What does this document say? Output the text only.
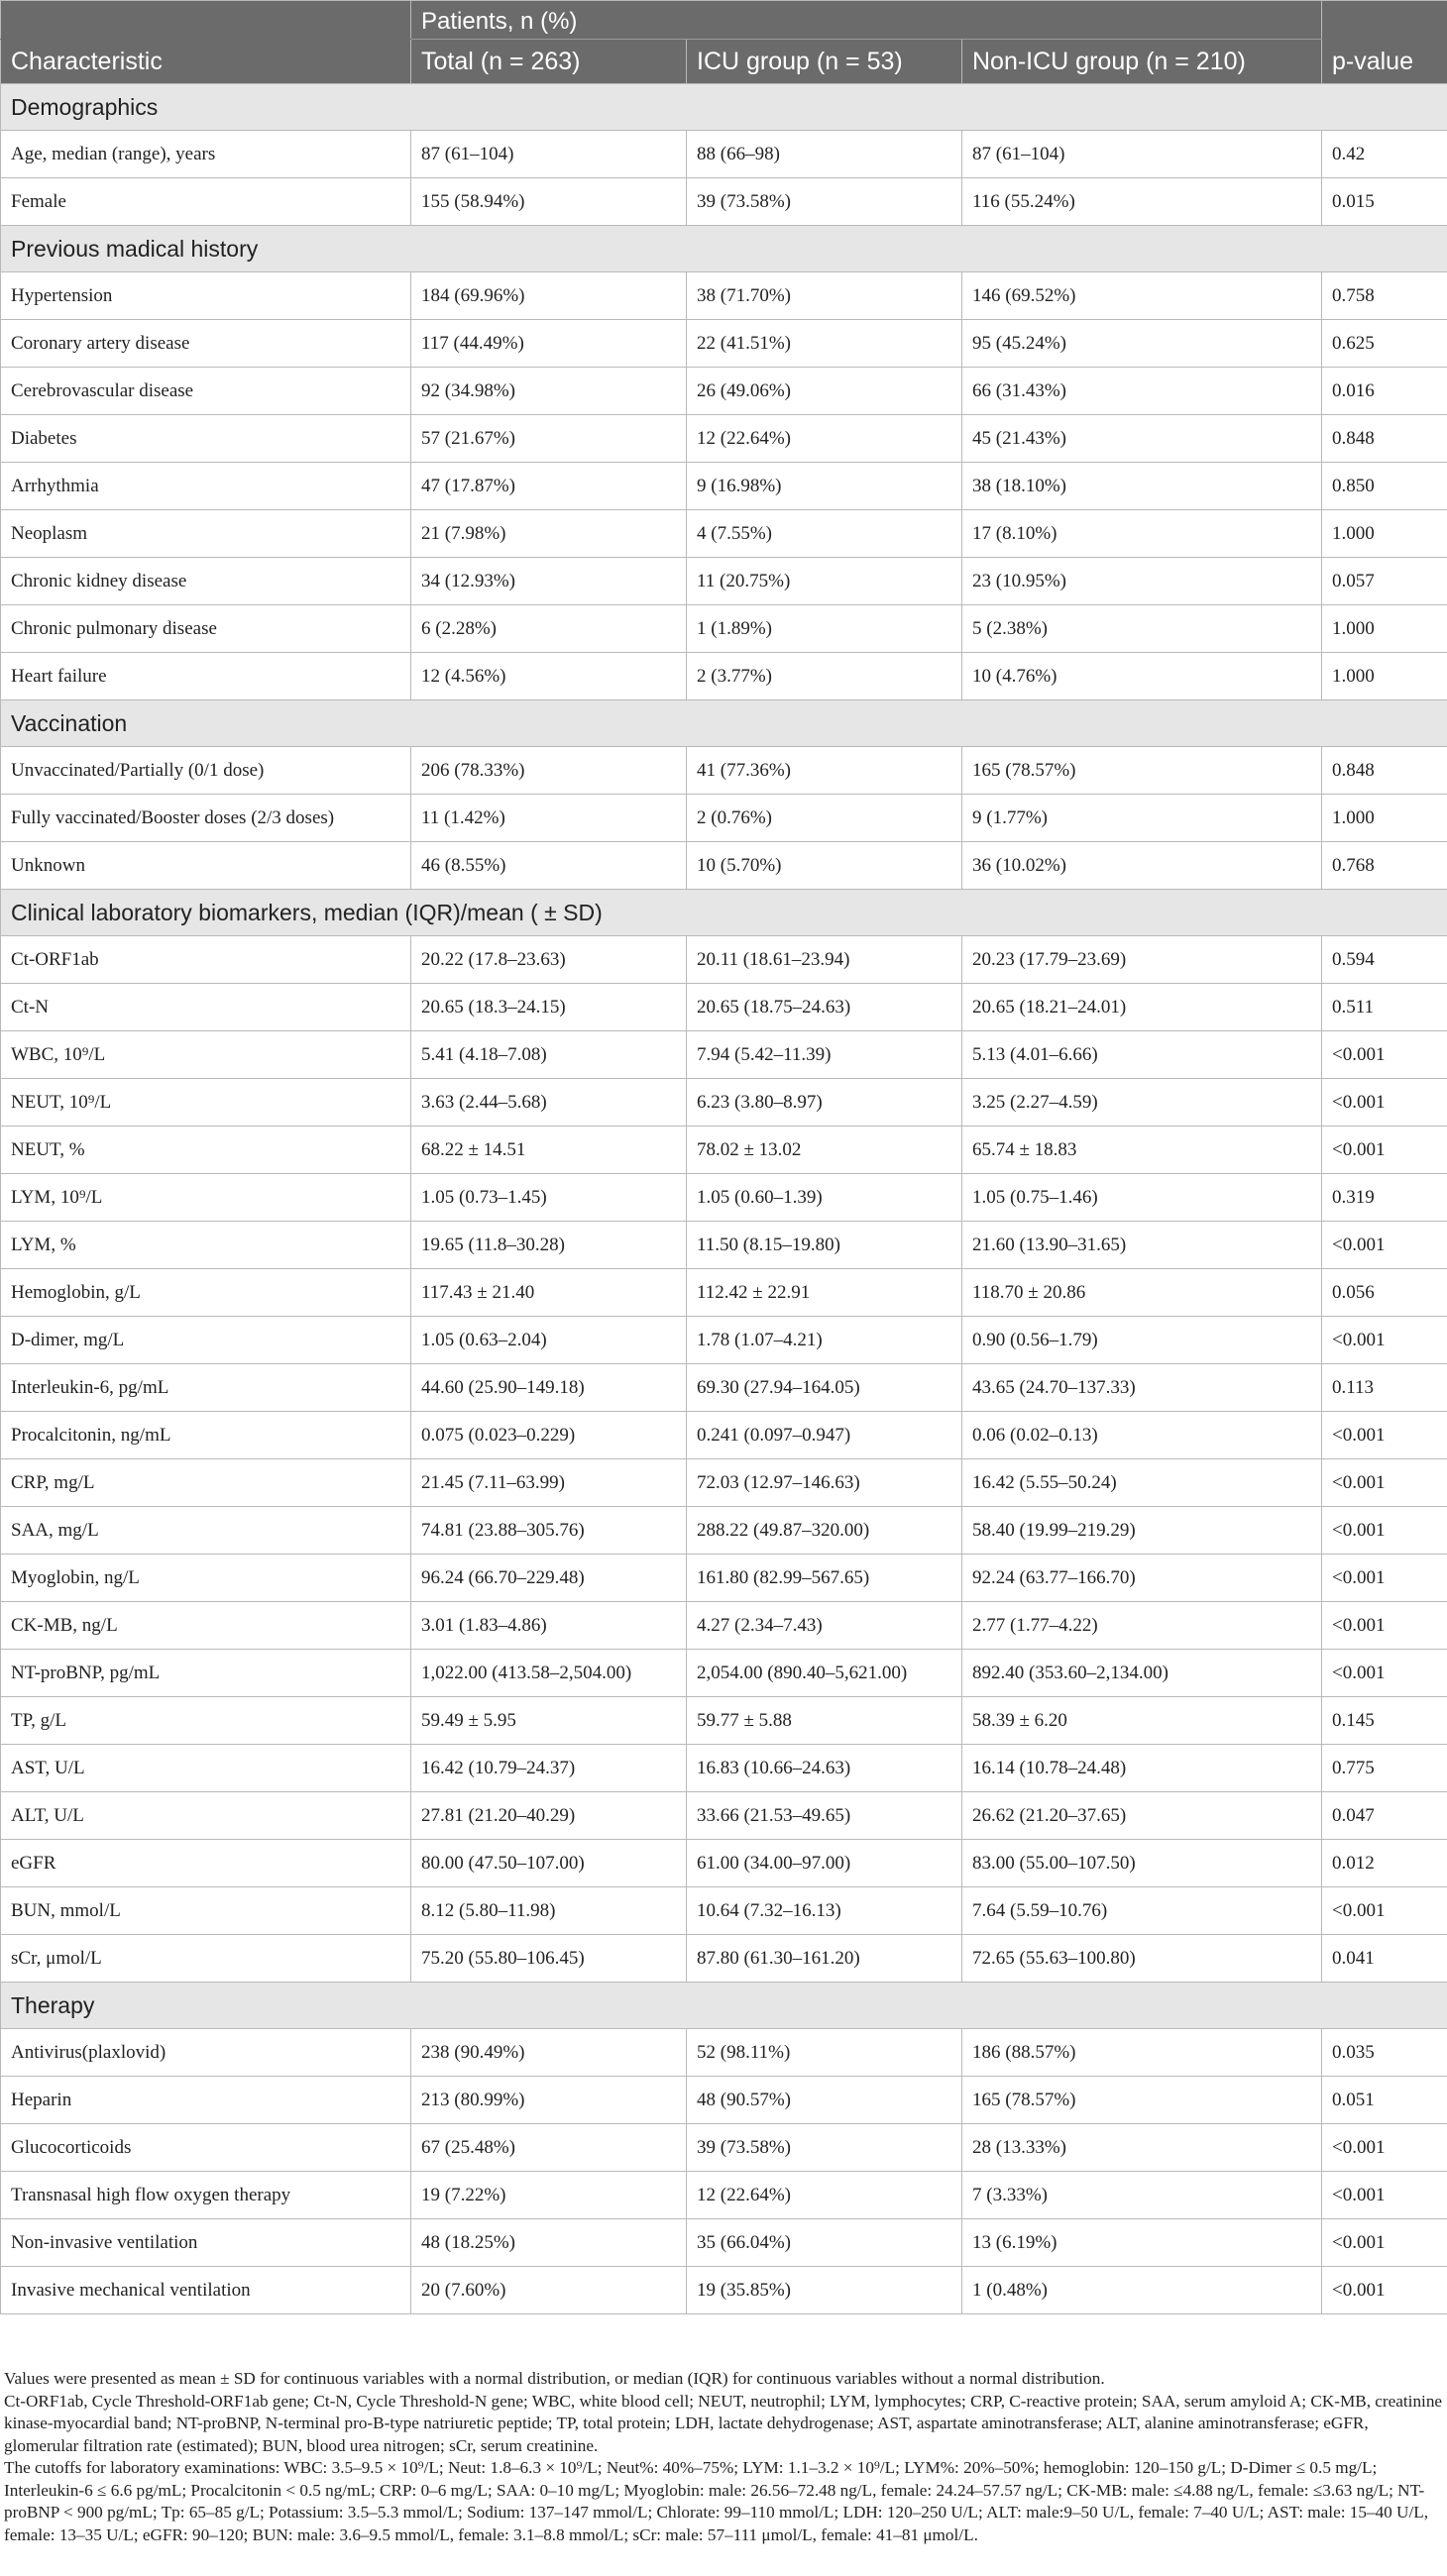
	Patients, n (%)			
Characteristic	Total (n = 263)	ICU group (n = 53)	Non-ICU group (n = 210)	p-value
Demographics				
Age, median (range), years	87 (61–104)	88 (66–98)	87 (61–104)	0.42
Female	155 (58.94%)	39 (73.58%)	116 (55.24%)	0.015
Previous madical history				
Hypertension	184 (69.96%)	38 (71.70%)	146 (69.52%)	0.758
Coronary artery disease	117 (44.49%)	22 (41.51%)	95 (45.24%)	0.625
Cerebrovascular disease	92 (34.98%)	26 (49.06%)	66 (31.43%)	0.016
Diabetes	57 (21.67%)	12 (22.64%)	45 (21.43%)	0.848
Arrhythmia	47 (17.87%)	9 (16.98%)	38 (18.10%)	0.850
Neoplasm	21 (7.98%)	4 (7.55%)	17 (8.10%)	1.000
Chronic kidney disease	34 (12.93%)	11 (20.75%)	23 (10.95%)	0.057
Chronic pulmonary disease	6 (2.28%)	1 (1.89%)	5 (2.38%)	1.000
Heart failure	12 (4.56%)	2 (3.77%)	10 (4.76%)	1.000
Vaccination				
Unvaccinated/Partially (0/1 dose)	206 (78.33%)	41 (77.36%)	165 (78.57%)	0.848
Fully vaccinated/Booster doses (2/3 doses)	11 (1.42%)	2 (0.76%)	9 (1.77%)	1.000
Unknown	46 (8.55%)	10 (5.70%)	36 (10.02%)	0.768
Clinical laboratory biomarkers, median (IQR)/mean ( ± SD)				
Ct-ORF1ab	20.22 (17.8–23.63)	20.11 (18.61–23.94)	20.23 (17.79–23.69)	0.594
Ct-N	20.65 (18.3–24.15)	20.65 (18.75–24.63)	20.65 (18.21–24.01)	0.511
WBC, 10⁹/L	5.41 (4.18–7.08)	7.94 (5.42–11.39)	5.13 (4.01–6.66)	<0.001
NEUT, 10⁹/L	3.63 (2.44–5.68)	6.23 (3.80–8.97)	3.25 (2.27–4.59)	<0.001
NEUT, %	68.22 ± 14.51	78.02 ± 13.02	65.74 ± 18.83	<0.001
LYM, 10⁹/L	1.05 (0.73–1.45)	1.05 (0.60–1.39)	1.05 (0.75–1.46)	0.319
LYM, %	19.65 (11.8–30.28)	11.50 (8.15–19.80)	21.60 (13.90–31.65)	<0.001
Hemoglobin, g/L	117.43 ± 21.40	112.42 ± 22.91	118.70 ± 20.86	0.056
D-dimer, mg/L	1.05 (0.63–2.04)	1.78 (1.07–4.21)	0.90 (0.56–1.79)	<0.001
Interleukin-6, pg/mL	44.60 (25.90–149.18)	69.30 (27.94–164.05)	43.65 (24.70–137.33)	0.113
Procalcitonin, ng/mL	0.075 (0.023–0.229)	0.241 (0.097–0.947)	0.06 (0.02–0.13)	<0.001
CRP, mg/L	21.45 (7.11–63.99)	72.03 (12.97–146.63)	16.42 (5.55–50.24)	<0.001
SAA, mg/L	74.81 (23.88–305.76)	288.22 (49.87–320.00)	58.40 (19.99–219.29)	<0.001
Myoglobin, ng/L	96.24 (66.70–229.48)	161.80 (82.99–567.65)	92.24 (63.77–166.70)	<0.001
CK-MB, ng/L	3.01 (1.83–4.86)	4.27 (2.34–7.43)	2.77 (1.77–4.22)	<0.001
NT-proBNP, pg/mL	1,022.00 (413.58–2,504.00)	2,054.00 (890.40–5,621.00)	892.40 (353.60–2,134.00)	<0.001
TP, g/L	59.49 ± 5.95	59.77 ± 5.88	58.39 ± 6.20	0.145
AST, U/L	16.42 (10.79–24.37)	16.83 (10.66–24.63)	16.14 (10.78–24.48)	0.775
ALT, U/L	27.81 (21.20–40.29)	33.66 (21.53–49.65)	26.62 (21.20–37.65)	0.047
eGFR	80.00 (47.50–107.00)	61.00 (34.00–97.00)	83.00 (55.00–107.50)	0.012
BUN, mmol/L	8.12 (5.80–11.98)	10.64 (7.32–16.13)	7.64 (5.59–10.76)	<0.001
sCr, μmol/L	75.20 (55.80–106.45)	87.80 (61.30–161.20)	72.65 (55.63–100.80)	0.041
Therapy				
Antivirus(plaxlovid)	238 (90.49%)	52 (98.11%)	186 (88.57%)	0.035
Heparin	213 (80.99%)	48 (90.57%)	165 (78.57%)	0.051
Glucocorticoids	67 (25.48%)	39 (73.58%)	28 (13.33%)	<0.001
Transnasal high flow oxygen therapy	19 (7.22%)	12 (22.64%)	7 (3.33%)	<0.001
Non-invasive ventilation	48 (18.25%)	35 (66.04%)	13 (6.19%)	<0.001
Invasive mechanical ventilation	20 (7.60%)	19 (35.85%)	1 (0.48%)	<0.001

Values were presented as mean ± SD for continuous variables with a normal distribution, or median (IQR) for continuous variables without a normal distribution.

Ct-ORF1ab, Cycle Threshold-ORF1ab gene; Ct-N, Cycle Threshold-N gene; WBC, white blood cell; NEUT, neutrophil; LYM, lymphocytes; CRP, C-reactive protein; SAA, serum amyloid A; CK-MB, creatinine kinase-myocardial band; NT-proBNP, N-terminal pro-B-type natriuretic peptide; TP, total protein; LDH, lactate dehydrogenase; AST, aspartate aminotransferase; ALT, alanine aminotransferase; eGFR, glomerular filtration rate (estimated); BUN, blood urea nitrogen; sCr, serum creatinine.

The cutoffs for laboratory examinations: WBC: 3.5–9.5 × 10⁹/L; Neut: 1.8–6.3 × 10⁹/L; Neut%: 40%–75%; LYM: 1.1–3.2 × 10⁹/L; LYM%: 20%–50%; hemoglobin: 120–150 g/L; D-Dimer ≤ 0.5 mg/L; Interleukin-6 ≤ 6.6 pg/mL; Procalcitonin < 0.5 ng/mL; CRP: 0–6 mg/L; SAA: 0–10 mg/L; Myoglobin: male: 26.56–72.48 ng/L, female: 24.24–57.57 ng/L; CK-MB: male: ≤4.88 ng/L, female: ≤3.63 ng/L; NT-proBNP < 900 pg/mL; Tp: 65–85 g/L; Potassium: 3.5–5.3 mmol/L; Sodium: 137–147 mmol/L; Chlorate: 99–110 mmol/L; LDH: 120–250 U/L; ALT: male:9–50 U/L, female: 7–40 U/L; AST: male: 15–40 U/L, female: 13–35 U/L; eGFR: 90–120; BUN: male: 3.6–9.5 mmol/L, female: 3.1–8.8 mmol/L; sCr: male: 57–111 μmol/L, female: 41–81 μmol/L.
